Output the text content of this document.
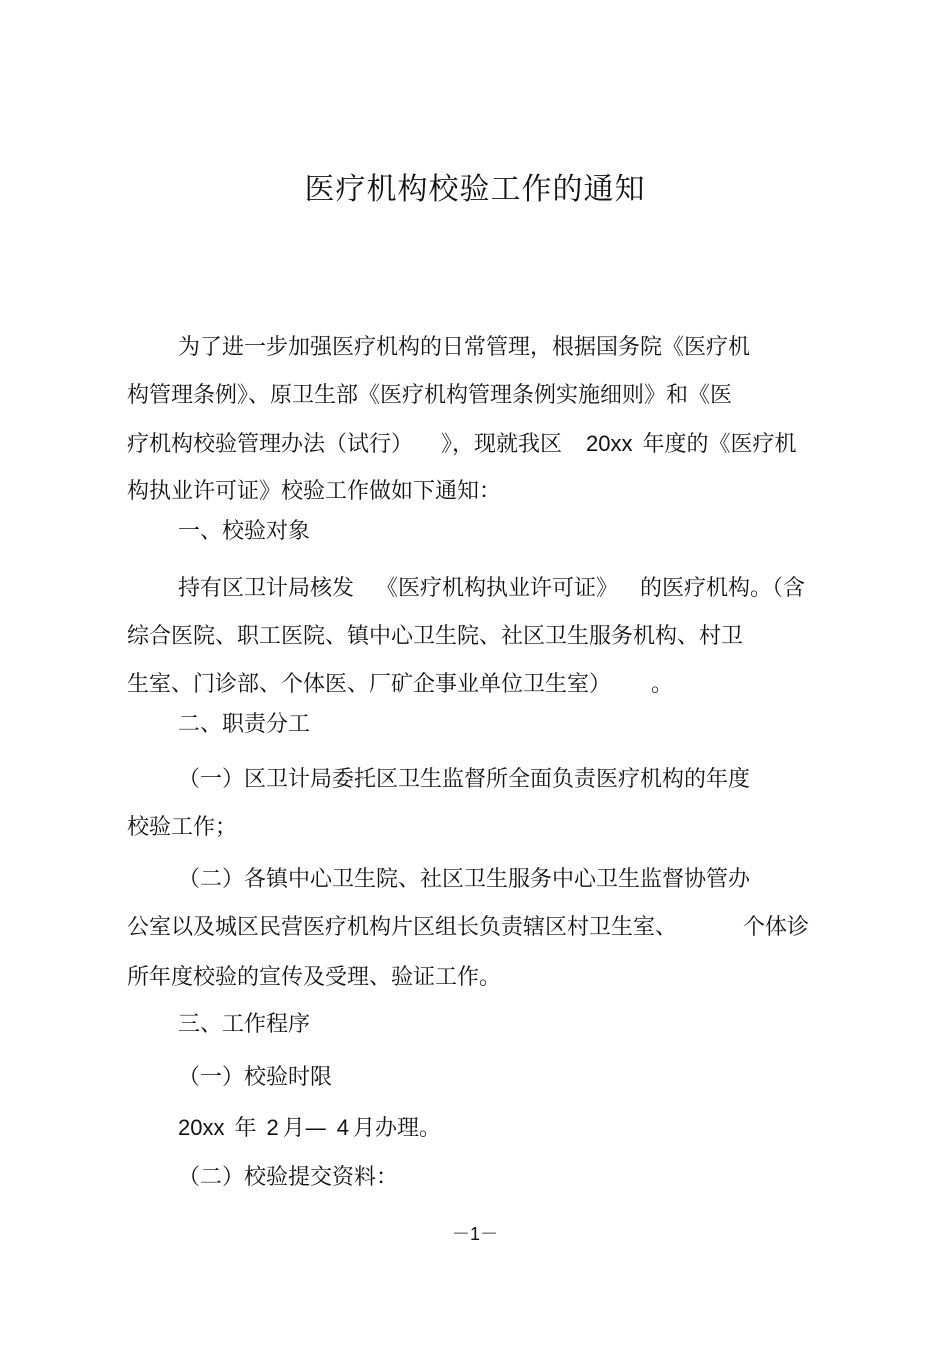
医疗机构校验工作的通知
为了进一步加强医疗机构的日常管理，根据国务院《医疗机
构管理条例》、原卫生部《医疗机构管理条例实施细则》和《医
疗机构校验管理办法（试行） 》，现就我区 20xx 年度的《医疗机
构执业许可证》校验工作做如下通知：
一、校验对象
持有区卫计局核发 《医疗机构执业许可证》 的医疗机构。（含
综合医院、职工医院、镇中心卫生院、社区卫生服务机构、村卫
生室、门诊部、个体医、厂矿企事业单位卫生室） 。
二、职责分工
（一）区卫计局委托区卫生监督所全面负责医疗机构的年度
校验工作；
（二）各镇中心卫生院、社区卫生服务中心卫生监督协管办
公室以及城区民营医疗机构片区组长负责辖区村卫生室、	个体诊
所年度校验的宣传及受理、验证工作。
三、工作程序
（一）校验时限
20xx 年 2 月— 4 月办理。
（二）校验提交资料：
－1－
